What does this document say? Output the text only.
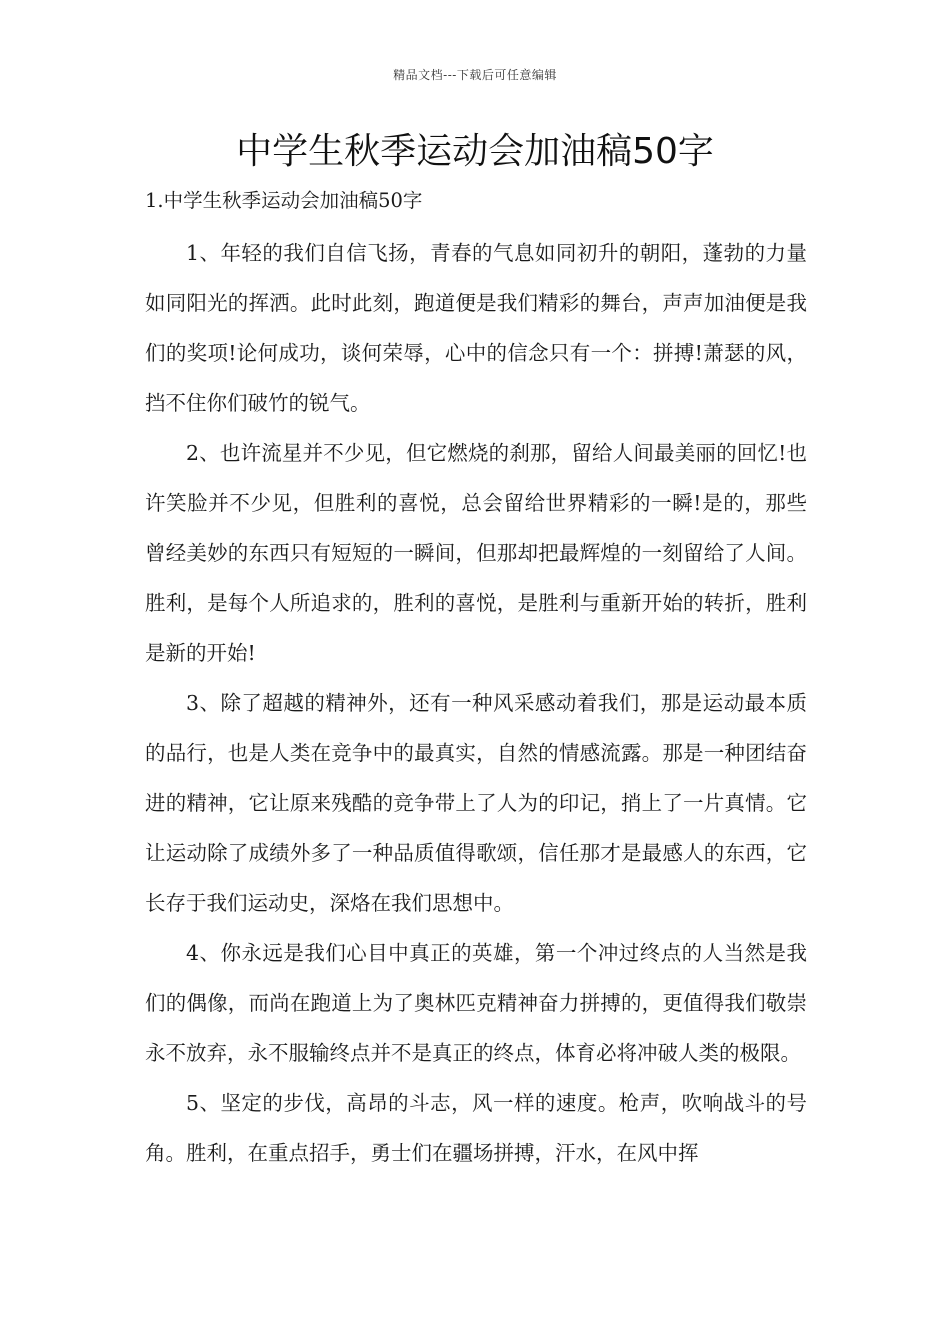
精品文档---下载后可任意编辑
中学生秋季运动会加油稿50字
1.中学生秋季运动会加油稿50字

1、年轻的我们自信飞扬，青春的气息如同初升的朝阳，蓬勃的力量如同阳光的挥洒。此时此刻，跑道便是我们精彩的舞台，声声加油便是我们的奖项!论何成功，谈何荣辱，心中的信念只有一个：拼搏!萧瑟的风，挡不住你们破竹的锐气。

2、也许流星并不少见，但它燃烧的刹那，留给人间最美丽的回忆!也许笑脸并不少见，但胜利的喜悦，总会留给世界精彩的一瞬!是的，那些曾经美妙的东西只有短短的一瞬间，但那却把最辉煌的一刻留给了人间。胜利，是每个人所追求的，胜利的喜悦，是胜利与重新开始的转折，胜利是新的开始!

3、除了超越的精神外，还有一种风采感动着我们，那是运动最本质的品行，也是人类在竞争中的最真实，自然的情感流露。那是一种团结奋进的精神，它让原来残酷的竞争带上了人为的印记，捎上了一片真情。它让运动除了成绩外多了一种品质值得歌颂，信任那才是最感人的东西，它长存于我们运动史，深烙在我们思想中。

4、你永远是我们心目中真正的英雄，第一个冲过终点的人当然是我们的偶像，而尚在跑道上为了奥林匹克精神奋力拼搏的，更值得我们敬崇永不放弃，永不服输终点并不是真正的终点，体育必将冲破人类的极限。

5、坚定的步伐，高昂的斗志，风一样的速度。枪声，吹响战斗的号角。胜利，在重点招手，勇士们在疆场拼搏，汗水，在风中挥
